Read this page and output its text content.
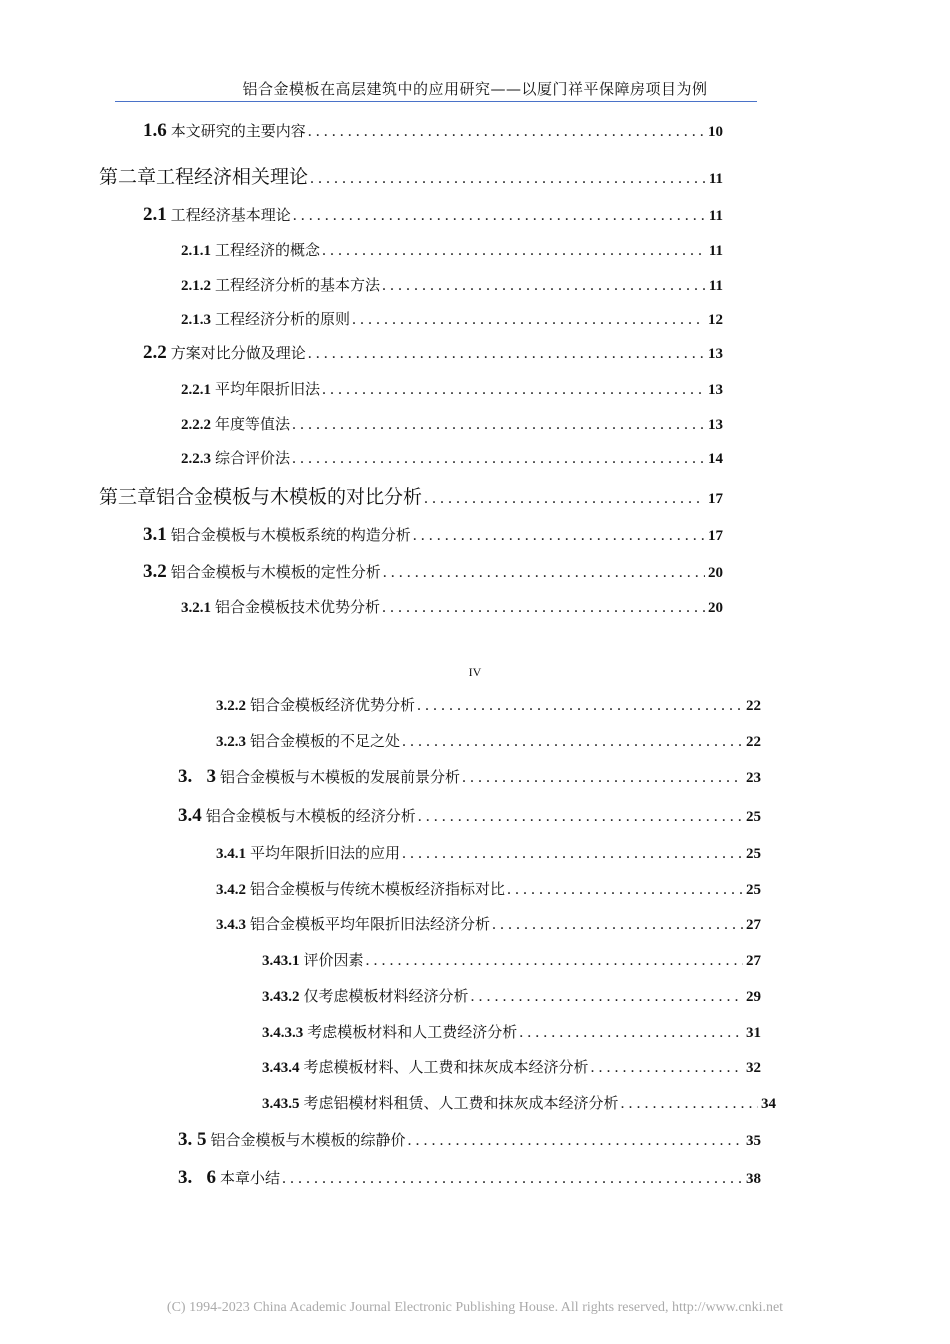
铝合金模板在高层建筑中的应用研究——以厦门祥平保障房项目为例
1.6 本文研究的主要内容 . . .	10
第二章工程经济相关理论 . . .	11
2.1 工程经济基本理论 . . .	11
2.1.1 工程经济的概念 . . .	11
2.1.2 工程经济分析的基本方法 . . .	11
2.1.3 工程经济分析的原则 . . .	12
2.2 方案对比分做及理论 . . .	13
2.2.1 平均年限折旧法 . . .	13
2.2.2 年度等值法 . . .	13
2.2.3 综合评价法 . . .	14
第三章铝合金模板与木模板的对比分析 . . .	17
3.1 铝合金模板与木模板系统的构造分析 . . .	17
3.2 铝合金模板与木模板的定性分析 . . .	20
3.2.1 铝合金模板技术优势分析 . . .	20
IV
3.2.2 铝合金模板经济优势分析 . . .	22
3.2.3 铝合金模板的不足之处 . . .	22
3.   3 铝合金模板与木模板的发展前景分析 . . .	23
3.4 铝合金模板与木模板的经济分析 . . .	25
3.4.1 平均年限折旧法的应用 . . .	25
3.4.2 铝合金模板与传统木模板经济指标对比 . . .	25
3.4.3 铝合金模板平均年限折旧法经济分析 . . .	27
3.43.1 评价因素 . . .	27
3.43.2 仅考虑模板材料经济分析 . . .	29
3.4.3.3 考虑模板材料和人工费经济分析 . . .	31
3.43.4 考虑模板材料、人工费和抹灰成本经济分析 . . .	32
3.43.5 考虑铝模材料租赁、人工费和抹灰成本经济分析 . . .	34
3. 5 铝合金模板与木模板的综静价 . . .	35
3.   6 本章小结 . . .	38
(C) 1994-2023 China Academic Journal Electronic Publishing House. All rights reserved, http://www.cnki.net
